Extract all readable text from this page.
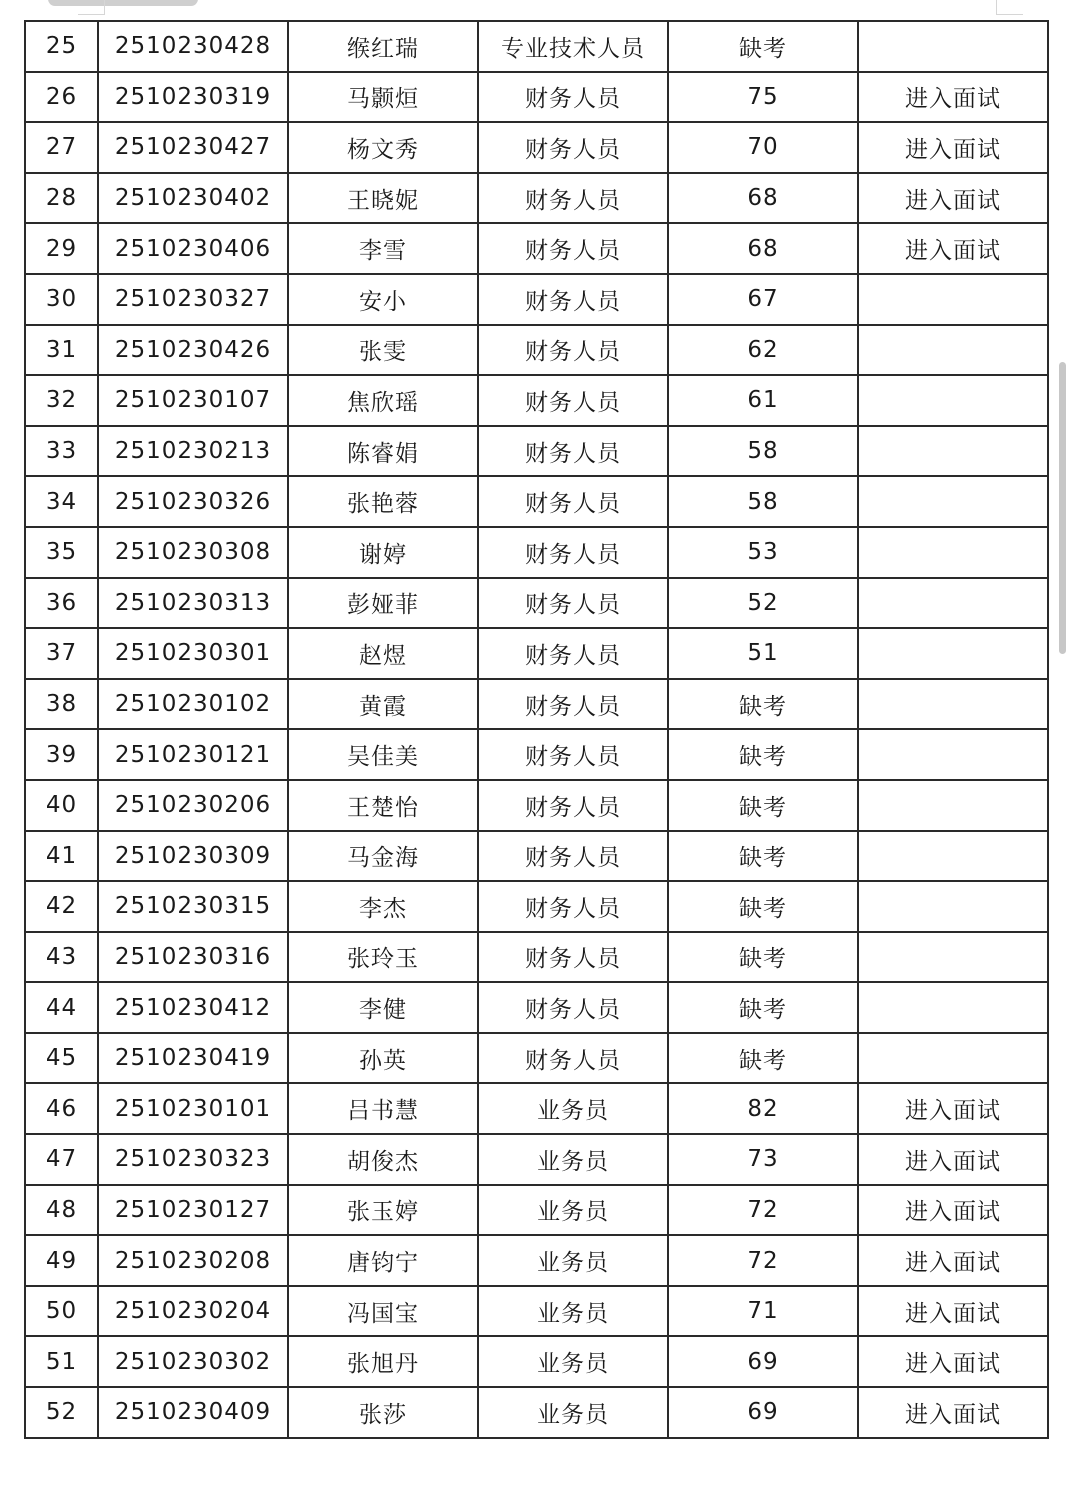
25	2510230428	缑红瑞	专业技术人员	缺考	
26	2510230319	马颢烜	财务人员	75	进入面试
27	2510230427	杨文秀	财务人员	70	进入面试
28	2510230402	王晓妮	财务人员	68	进入面试
29	2510230406	李雪	财务人员	68	进入面试
30	2510230327	安小	财务人员	67	
31	2510230426	张雯	财务人员	62	
32	2510230107	焦欣瑶	财务人员	61	
33	2510230213	陈睿娟	财务人员	58	
34	2510230326	张艳蓉	财务人员	58	
35	2510230308	谢婷	财务人员	53	
36	2510230313	彭娅菲	财务人员	52	
37	2510230301	赵煜	财务人员	51	
38	2510230102	黄霞	财务人员	缺考	
39	2510230121	吴佳美	财务人员	缺考	
40	2510230206	王楚怡	财务人员	缺考	
41	2510230309	马金海	财务人员	缺考	
42	2510230315	李杰	财务人员	缺考	
43	2510230316	张玲玉	财务人员	缺考	
44	2510230412	李健	财务人员	缺考	
45	2510230419	孙英	财务人员	缺考	
46	2510230101	吕书慧	业务员	82	进入面试
47	2510230323	胡俊杰	业务员	73	进入面试
48	2510230127	张玉婷	业务员	72	进入面试
49	2510230208	唐钧宁	业务员	72	进入面试
50	2510230204	冯国宝	业务员	71	进入面试
51	2510230302	张旭丹	业务员	69	进入面试
52	2510230409	张莎	业务员	69	进入面试
